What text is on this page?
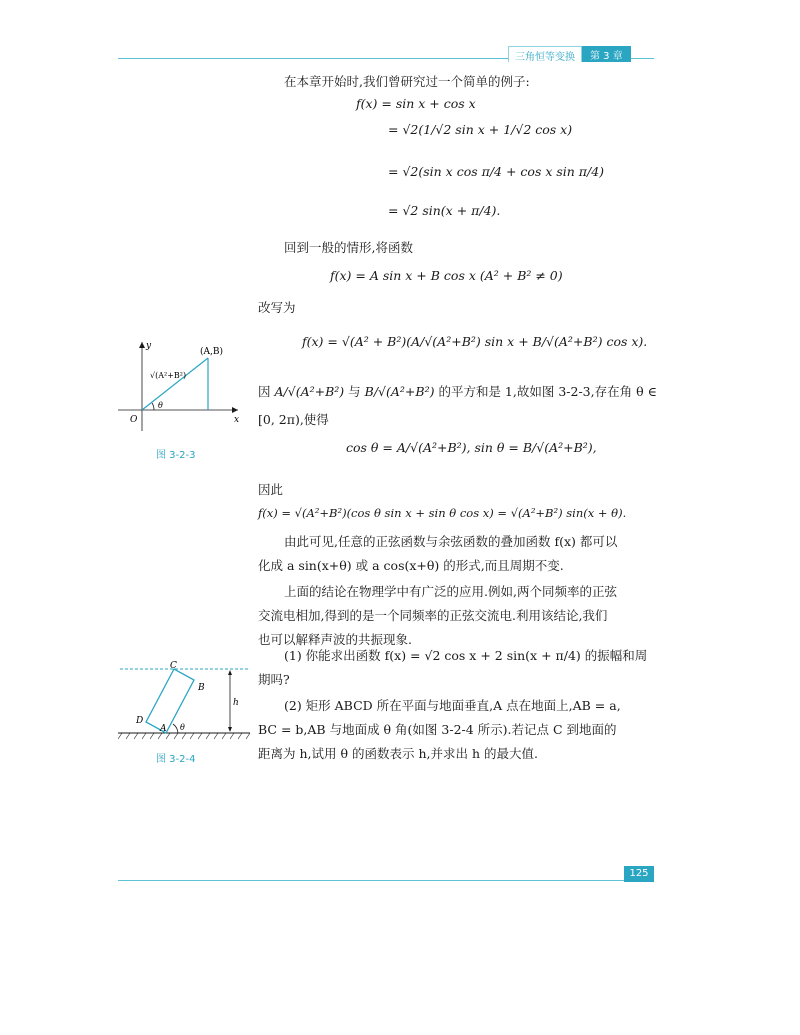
三角恒等变换	第 3 章
在本章开始时,我们曾研究过一个简单的例子:
f(x) = sin x + cos x
= √2(1/√2 sin x + 1/√2 cos x)
= √2(sin x cos π/4 + cos x sin π/4)
= √2 sin(x + π/4).
回到一般的情形,将函数
f(x) = A sin x + B cos x (A² + B² ≠ 0)
改写为
f(x) = √(A² + B²)(A/√(A²+B²) sin x + B/√(A²+B²) cos x).
因 A/√(A²+B²) 与 B/√(A²+B²) 的平方和是 1,故如图 3-2-3,存在角 θ ∈
[0, 2π),使得
cos θ = A/√(A²+B²), sin θ = B/√(A²+B²),
因此
f(x) = √(A²+B²)(cos θ sin x + sin θ cos x) = √(A²+B²) sin(x + θ).
由此可见,任意的正弦函数与余弦函数的叠加函数 f(x) 都可以
化成 a sin(x+θ) 或 a cos(x+θ) 的形式,而且周期不变.
上面的结论在物理学中有广泛的应用.例如,两个同频率的正弦
交流电相加,得到的是一个同频率的正弦交流电.利用该结论,我们
也可以解释声波的共振现象.
(1) 你能求出函数 f(x) = √2 cos x + 2 sin(x + π/4) 的振幅和周
期吗?
(2) 矩形 ABCD 所在平面与地面垂直,A 点在地面上,AB = a,
BC = b,AB 与地面成 θ 角(如图 3-2-4 所示).若记点 C 到地面的
距离为 h,试用 θ 的函数表示 h,并求出 h 的最大值.
y
x
O
(A,B)
√(A²+B²)
θ
图 3-2-3
C
B
D
A
h
θ
图 3-2-4
125
